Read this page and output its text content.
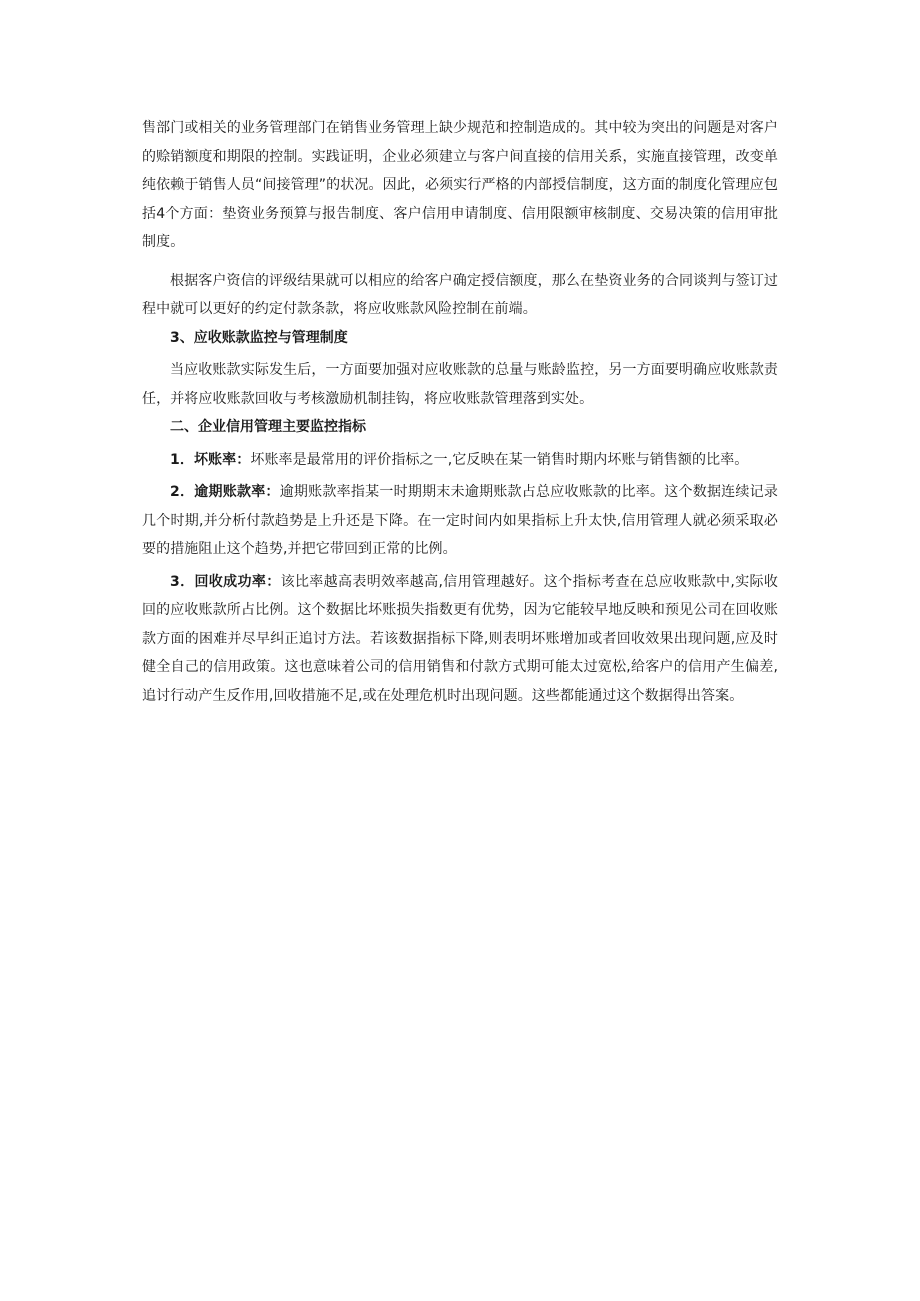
售部门或相关的业务管理部门在销售业务管理上缺少规范和控制造成的。其中较为突出的问题是对客户的赊销额度和期限的控制。实践证明，企业必须建立与客户间直接的信用关系，实施直接管理，改变单纯依赖于销售人员“间接管理”的状况。因此，必须实行严格的内部授信制度，这方面的制度化管理应包括4个方面：垫资业务预算与报告制度、客户信用申请制度、信用限额审核制度、交易决策的信用审批制度。

根据客户资信的评级结果就可以相应的给客户确定授信额度，那么在垫资业务的合同谈判与签订过程中就可以更好的约定付款条款，将应收账款风险控制在前端。

3、应收账款监控与管理制度

当应收账款实际发生后，一方面要加强对应收账款的总量与账龄监控，另一方面要明确应收账款责任，并将应收账款回收与考核激励机制挂钩，将应收账款管理落到实处。

二、企业信用管理主要监控指标

1．坏账率：坏账率是最常用的评价指标之一,它反映在某一销售时期内坏账与销售额的比率。

2．逾期账款率：逾期账款率指某一时期期末未逾期账款占总应收账款的比率。这个数据连续记录几个时期,并分析付款趋势是上升还是下降。在一定时间内如果指标上升太快,信用管理人就必须采取必要的措施阻止这个趋势,并把它带回到正常的比例。

3．回收成功率：该比率越高表明效率越高,信用管理越好。这个指标考查在总应收账款中,实际收回的应收账款所占比例。这个数据比坏账损失指数更有优势，因为它能较早地反映和预见公司在回收账款方面的困难并尽早纠正追讨方法。若该数据指标下降,则表明坏账增加或者回收效果出现问题,应及时健全自己的信用政策。这也意味着公司的信用销售和付款方式期可能太过宽松,给客户的信用产生偏差,追讨行动产生反作用,回收措施不足,或在处理危机时出现问题。这些都能通过这个数据得出答案。
